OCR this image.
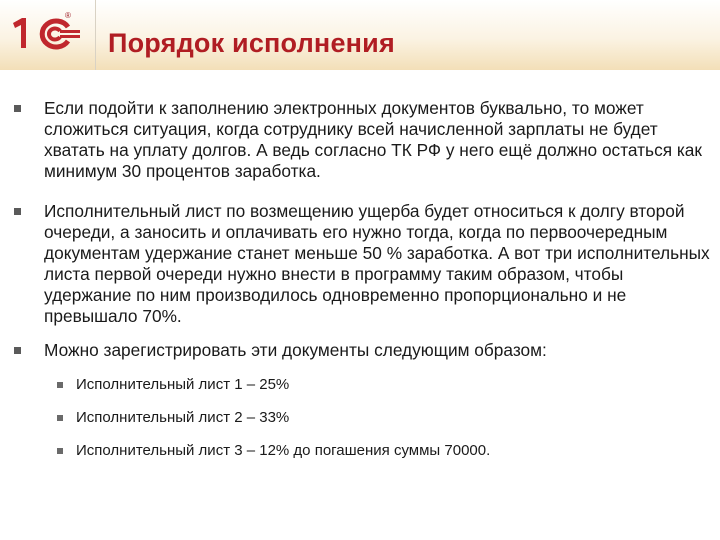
®
Порядок исполнения
Если подойти к заполнению электронных документов буквально, то может сложиться ситуация, когда сотруднику всей начисленной зарплаты не будет хватать на уплату долгов. А ведь согласно ТК РФ у него ещё должно остаться как минимум 30 процентов заработка.
Исполнительный лист по возмещению ущерба будет относиться к долгу второй очереди, а заносить и оплачивать его нужно тогда, когда по первоочередным документам удержание станет меньше 50 % заработка. А вот три исполнительных листа первой очереди нужно внести в программу таким образом, чтобы удержание по ним производилось одновременно пропорционально и не превышало 70%.
Можно зарегистрировать эти документы следующим образом:
Исполнительный лист 1 – 25%
Исполнительный лист 2 – 33%
Исполнительный лист 3 – 12% до погашения суммы 70000.
